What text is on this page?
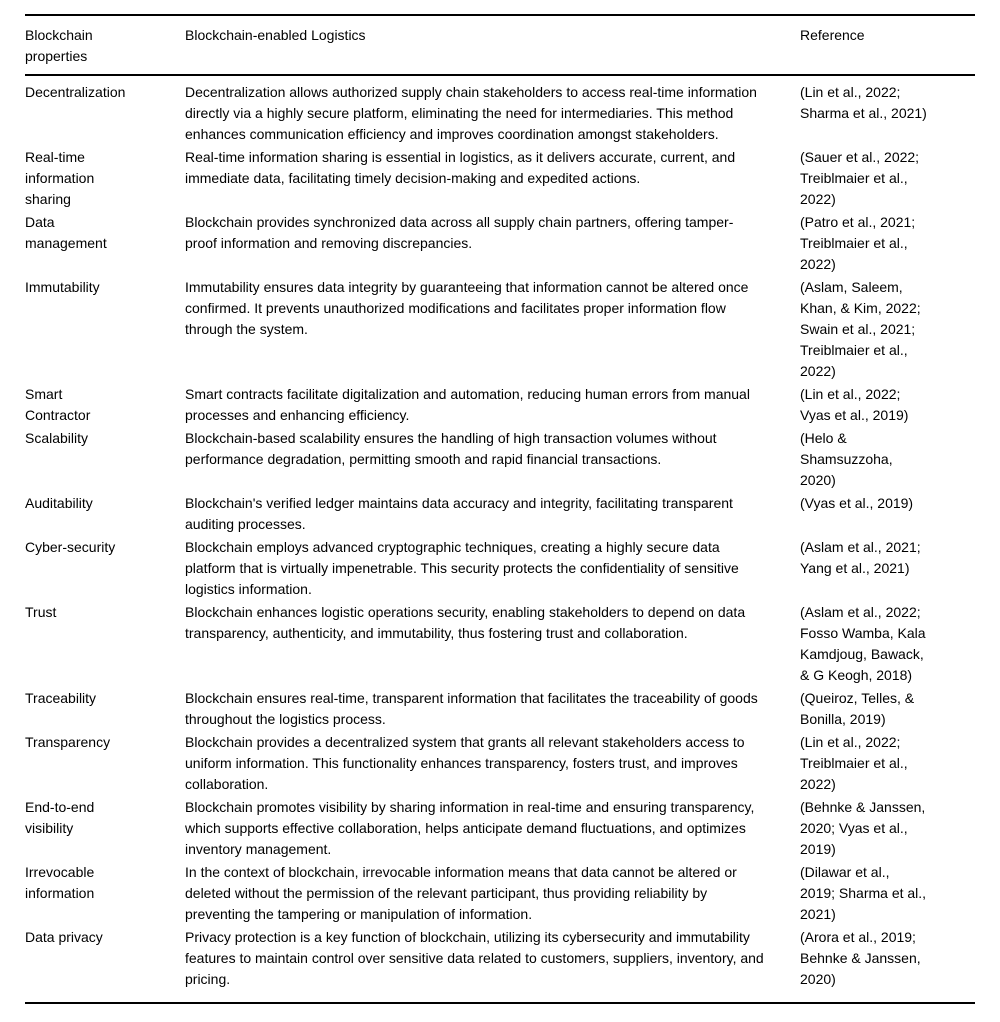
Blockchain properties	Blockchain-enabled Logistics	Reference
Decentralization	Decentralization allows authorized supply chain stakeholders to access real-time information directly via a highly secure platform, eliminating the need for intermediaries. This method enhances communication efficiency and improves coordination amongst stakeholders.	(Lin et al., 2022; Sharma et al., 2021)
Real-time information sharing	Real-time information sharing is essential in logistics, as it delivers accurate, current, and immediate data, facilitating timely decision-making and expedited actions.	(Sauer et al., 2022; Treiblmaier et al., 2022)
Data management	Blockchain provides synchronized data across all supply chain partners, offering tamper-proof information and removing discrepancies.	(Patro et al., 2021; Treiblmaier et al., 2022)
Immutability	Immutability ensures data integrity by guaranteeing that information cannot be altered once confirmed. It prevents unauthorized modifications and facilitates proper information flow through the system.	(Aslam, Saleem, Khan, & Kim, 2022; Swain et al., 2021; Treiblmaier et al., 2022)
Smart Contractor	Smart contracts facilitate digitalization and automation, reducing human errors from manual processes and enhancing efficiency.	(Lin et al., 2022; Vyas et al., 2019)
Scalability	Blockchain-based scalability ensures the handling of high transaction volumes without performance degradation, permitting smooth and rapid financial transactions.	(Helo & Shamsuzzoha, 2020)
Auditability	Blockchain's verified ledger maintains data accuracy and integrity, facilitating transparent auditing processes.	(Vyas et al., 2019)
Cyber-security	Blockchain employs advanced cryptographic techniques, creating a highly secure data platform that is virtually impenetrable. This security protects the confidentiality of sensitive logistics information.	(Aslam et al., 2021; Yang et al., 2021)
Trust	Blockchain enhances logistic operations security, enabling stakeholders to depend on data transparency, authenticity, and immutability, thus fostering trust and collaboration.	(Aslam et al., 2022; Fosso Wamba, Kala Kamdjoug, Bawack, & G Keogh, 2018)
Traceability	Blockchain ensures real-time, transparent information that facilitates the traceability of goods throughout the logistics process.	(Queiroz, Telles, & Bonilla, 2019)
Transparency	Blockchain provides a decentralized system that grants all relevant stakeholders access to uniform information. This functionality enhances transparency, fosters trust, and improves collaboration.	(Lin et al., 2022; Treiblmaier et al., 2022)
End-to-end visibility	Blockchain promotes visibility by sharing information in real-time and ensuring transparency, which supports effective collaboration, helps anticipate demand fluctuations, and optimizes inventory management.	(Behnke & Janssen, 2020; Vyas et al., 2019)
Irrevocable information	In the context of blockchain, irrevocable information means that data cannot be altered or deleted without the permission of the relevant participant, thus providing reliability by preventing the tampering or manipulation of information.	(Dilawar et al., 2019; Sharma et al., 2021)
Data privacy	Privacy protection is a key function of blockchain, utilizing its cybersecurity and immutability features to maintain control over sensitive data related to customers, suppliers, inventory, and pricing.	(Arora et al., 2019; Behnke & Janssen, 2020)
